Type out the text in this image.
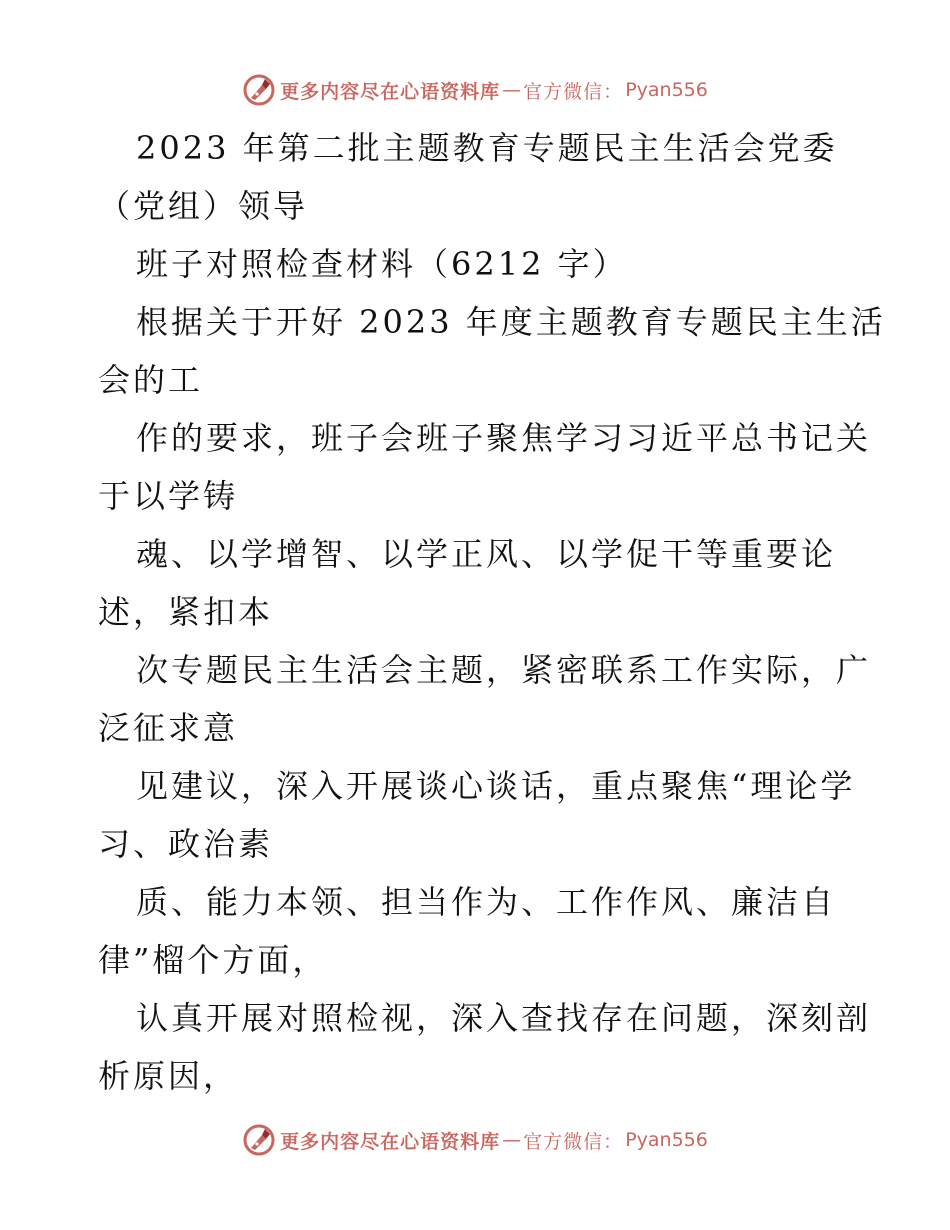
更多内容尽在心语资料库 — 官方微信： Pyan556
2023 年第二批主题教育专题民主生活会党委
（党组）领导
班子对照检查材料（6212 字）
根据关于开好 2023 年度主题教育专题民主生活
会的工
作的要求，班子会班子聚焦学习习近平总书记关
于以学铸
魂、以学增智、以学正风、以学促干等重要论
述，紧扣本
次专题民主生活会主题，紧密联系工作实际，广
泛征求意
见建议，深入开展谈心谈话，重点聚焦“理论学
习、政治素
质、能力本领、担当作为、工作作风、廉洁自
律”榴个方面，
认真开展对照检视，深入查找存在问题，深刻剖
析原因，
更多内容尽在心语资料库 — 官方微信： Pyan556
